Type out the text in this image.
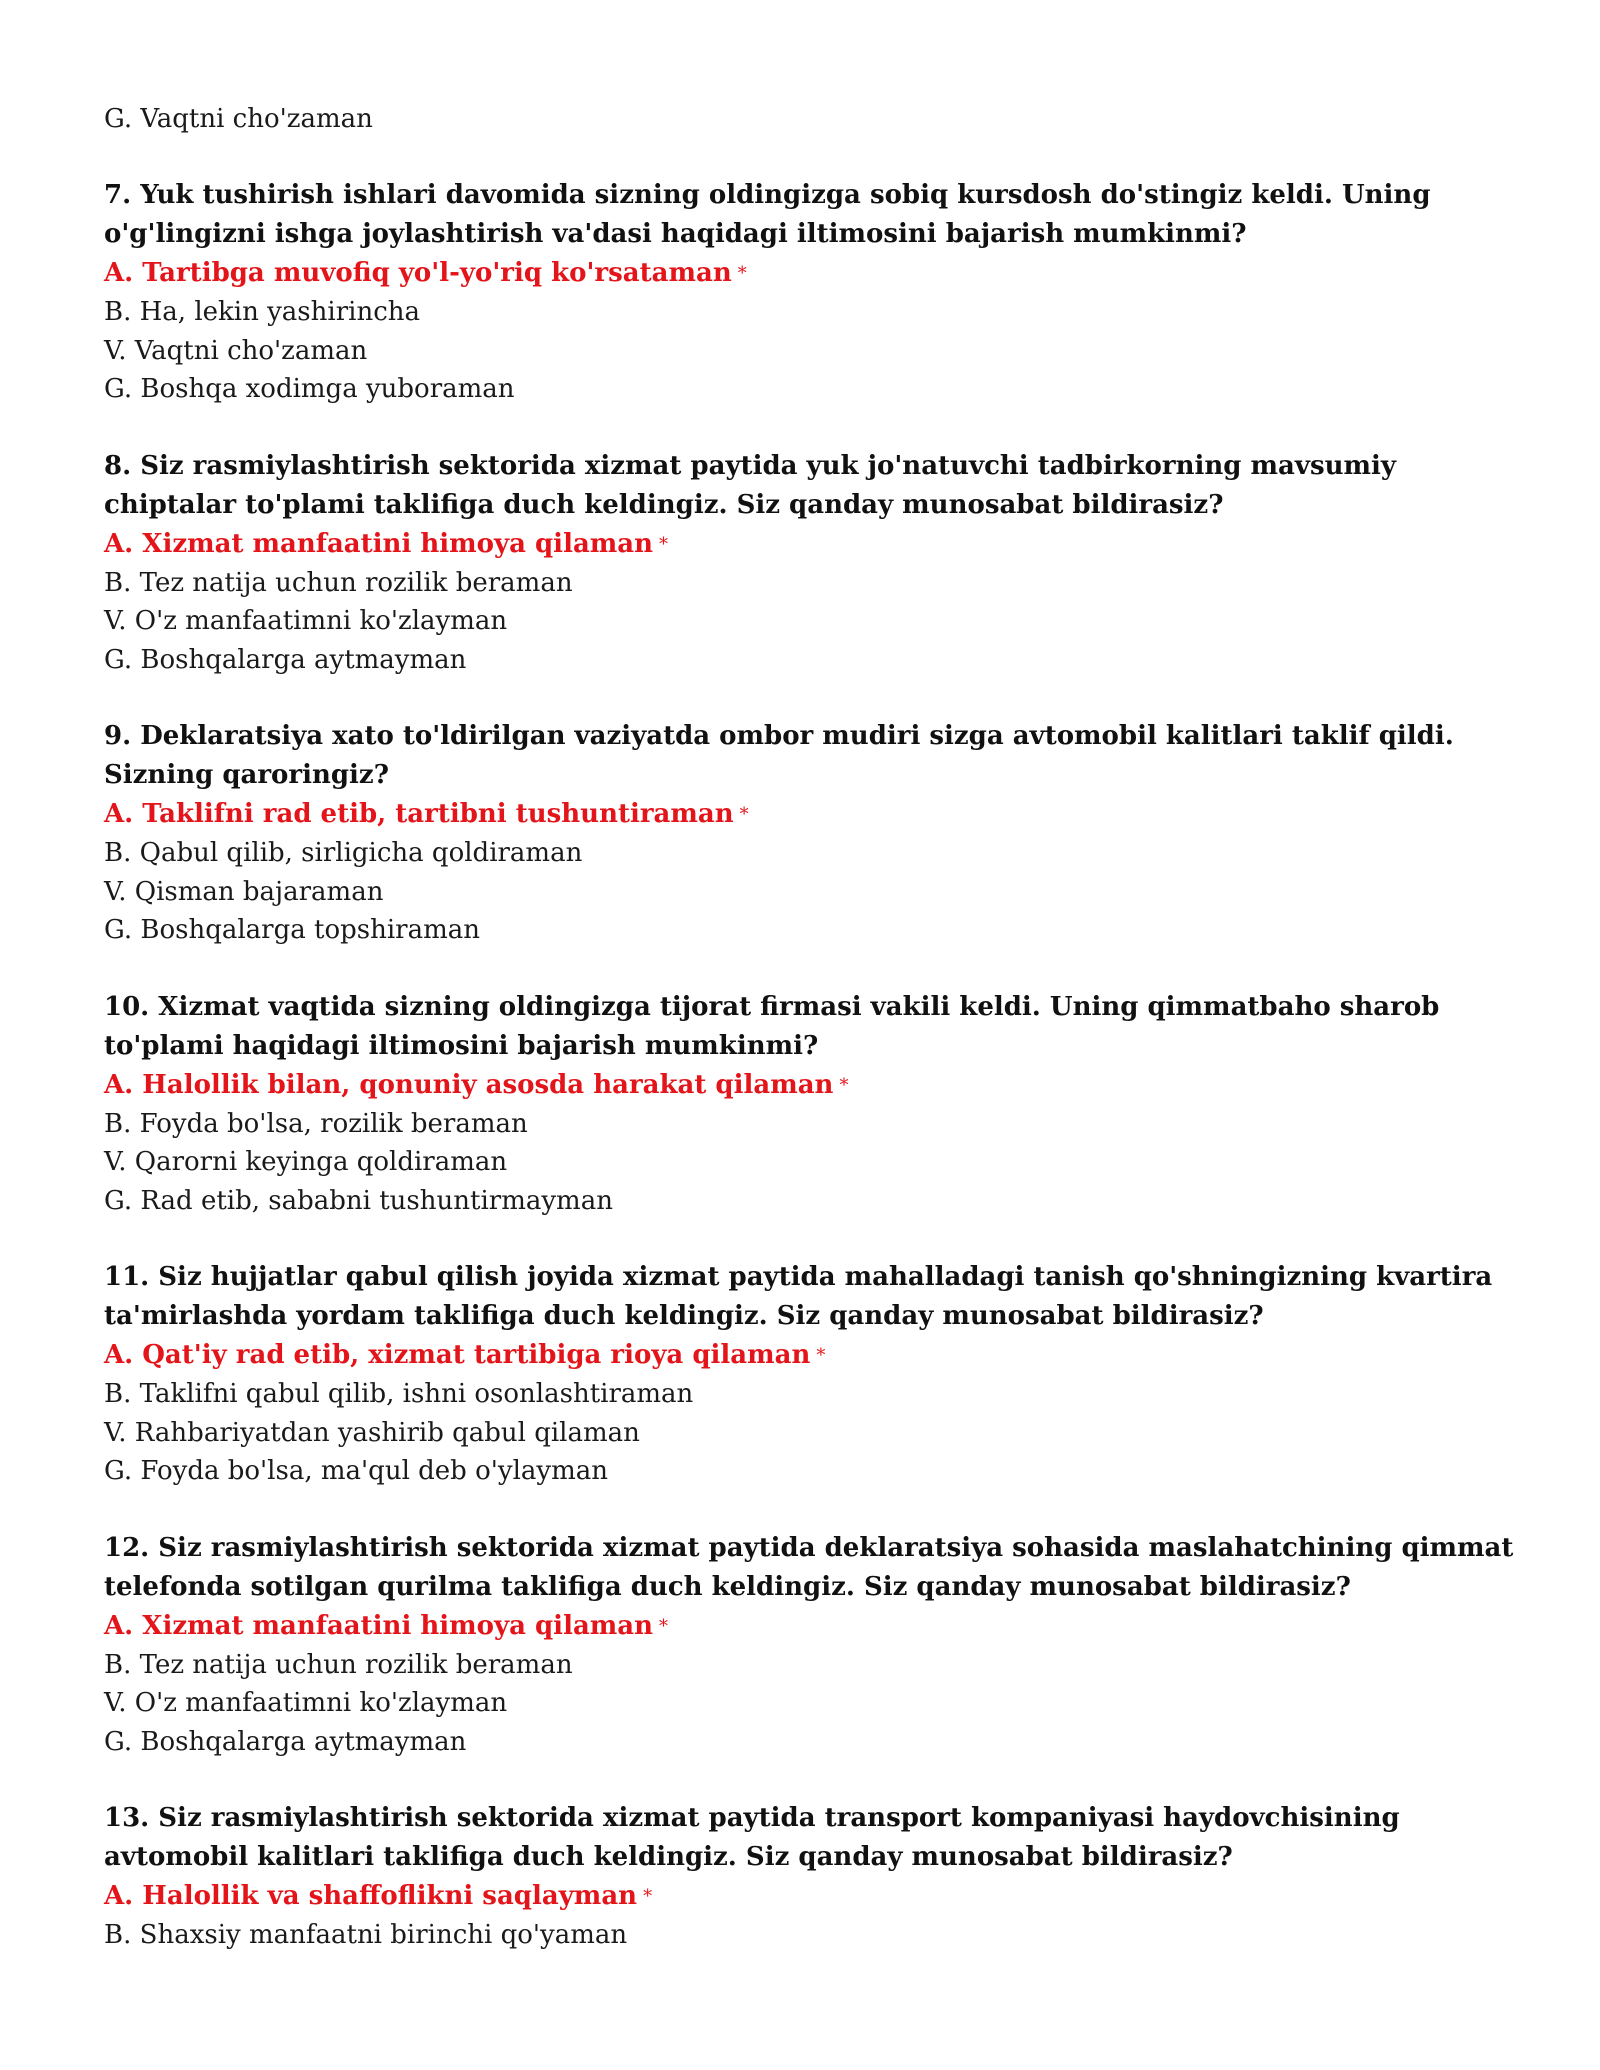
G. Vaqtni cho'zaman

7. Yuk tushirish ishlari davomida sizning oldingizga sobiq kursdosh do'stingiz keldi. Uning o'g'lingizni ishga joylashtirish va'dasi haqidagi iltimosini bajarish mumkinmi?

A. Tartibga muvofiq yo'l-yo'riq ko'rsataman *

B. Ha, lekin yashirincha

V. Vaqtni cho'zaman

G. Boshqa xodimga yuboraman

8. Siz rasmiylashtirish sektorida xizmat paytida yuk jo'natuvchi tadbirkorning mavsumiy chiptalar to'plami taklifiga duch keldingiz. Siz qanday munosabat bildirasiz?

A. Xizmat manfaatini himoya qilaman *

B. Tez natija uchun rozilik beraman

V. O'z manfaatimni ko'zlayman

G. Boshqalarga aytmayman

9. Deklaratsiya xato to'ldirilgan vaziyatda ombor mudiri sizga avtomobil kalitlari taklif qildi. Sizning qaroringiz?

A. Taklifni rad etib, tartibni tushuntiraman *

B. Qabul qilib, sirligicha qoldiraman

V. Qisman bajaraman

G. Boshqalarga topshiraman

10. Xizmat vaqtida sizning oldingizga tijorat firmasi vakili keldi. Uning qimmatbaho sharob to'plami haqidagi iltimosini bajarish mumkinmi?

A. Halollik bilan, qonuniy asosda harakat qilaman *

B. Foyda bo'lsa, rozilik beraman

V. Qarorni keyinga qoldiraman

G. Rad etib, sababni tushuntirmayman

11. Siz hujjatlar qabul qilish joyida xizmat paytida mahalladagi tanish qo'shningizning kvartira ta'mirlashda yordam taklifiga duch keldingiz. Siz qanday munosabat bildirasiz?

A. Qat'iy rad etib, xizmat tartibiga rioya qilaman *

B. Taklifni qabul qilib, ishni osonlashtiraman

V. Rahbariyatdan yashirib qabul qilaman

G. Foyda bo'lsa, ma'qul deb o'ylayman

12. Siz rasmiylashtirish sektorida xizmat paytida deklaratsiya sohasida maslahatchining qimmat telefonda sotilgan qurilma taklifiga duch keldingiz. Siz qanday munosabat bildirasiz?

A. Xizmat manfaatini himoya qilaman *

B. Tez natija uchun rozilik beraman

V. O'z manfaatimni ko'zlayman

G. Boshqalarga aytmayman

13. Siz rasmiylashtirish sektorida xizmat paytida transport kompaniyasi haydovchisining avtomobil kalitlari taklifiga duch keldingiz. Siz qanday munosabat bildirasiz?

A. Halollik va shaffoflikni saqlayman *

B. Shaxsiy manfaatni birinchi qo'yaman
